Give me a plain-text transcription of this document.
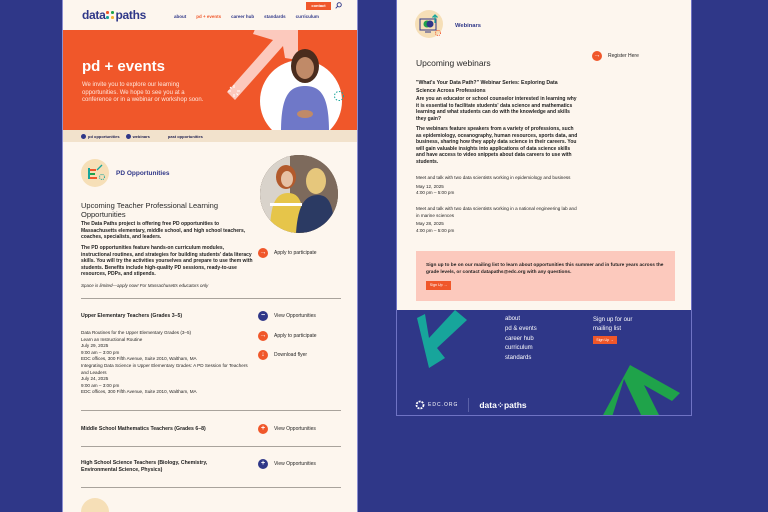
data paths	about pd + events career hub standards curriculum
contact
pd + events
We invite you to explore our learning opportunities. We hope to see you at a conference or in a webinar or workshop soon.
pd opportunities	webinars	past opportunities
PD Opportunities
Upcoming Teacher Professional Learning Opportunities
The Data Paths project is offering free PD opportunities to Massachusetts elementary, middle school, and high school teachers, coaches, specialists, and leaders.
The PD opportunities feature hands-on curriculum modules, instructional routines, and strategies for building students' data literacy skills. You will try the activities yourselves and prepare to use them with students. Benefits include high-quality PD sessions, ready-to-use resources, PDPs, and stipends.
Space is limited—apply now! For Massachusetts educators only
→	Apply to participate
Upper Elementary Teachers (Grades 3–5)	−	View Opportunities
Data Routines for the Upper Elementary Grades (3–5)
Learn an Instructional Routine
July 29, 2025
9:00 am – 3:00 pm
EDC offices, 300 Fifth Avenue, Suite 2010, Waltham, MA
Integrating Data Science in Upper Elementary Grades: A PD Session for Teachers and Leaders
July 24, 2025
9:00 am – 3:00 pm
EDC offices, 300 Fifth Avenue, Suite 2010, Waltham, MA
→	Apply to participate
↓	Download flyer
Middle School Mathematics Teachers (Grades 6–8)	+	View Opportunities
High School Science Teachers (Biology, Chemistry, Environmental Science, Physics)
+	View Opportunities
Webinars
→	Register Here
Upcoming webinars
"What's Your Data Path?" Webinar Series: Exploring Data Science Across Professions
Are you an educator or school counselor interested in learning why it is essential to facilitate students' data science and mathematics learning and what students can do with the knowledge and skills they gain?
The webinars feature speakers from a variety of professions, such as epidemiology, oceanography, human resources, sports data, and business, sharing how they apply data science in their careers. You will gain valuable insights into applications of data science skills and have access to video snippets about data careers to use with students.
Meet and talk with two data scientists working in epidemiology and business
May 12, 2025
4:00 pm – 5:00 pm
Meet and talk with two data scientists working in a national engineering lab and in marine sciences
May 28, 2025
4:00 pm – 5:00 pm

Sign up to be on our mailing list to learn about opportunities this summer and in future years across the grade levels, or contact datapaths@edc.org with any questions.

Sign Up →
about
pd & events
career hub
curriculum
standards
Sign up for our mailing list
Sign Up →
EDC.ORG data⁘paths
